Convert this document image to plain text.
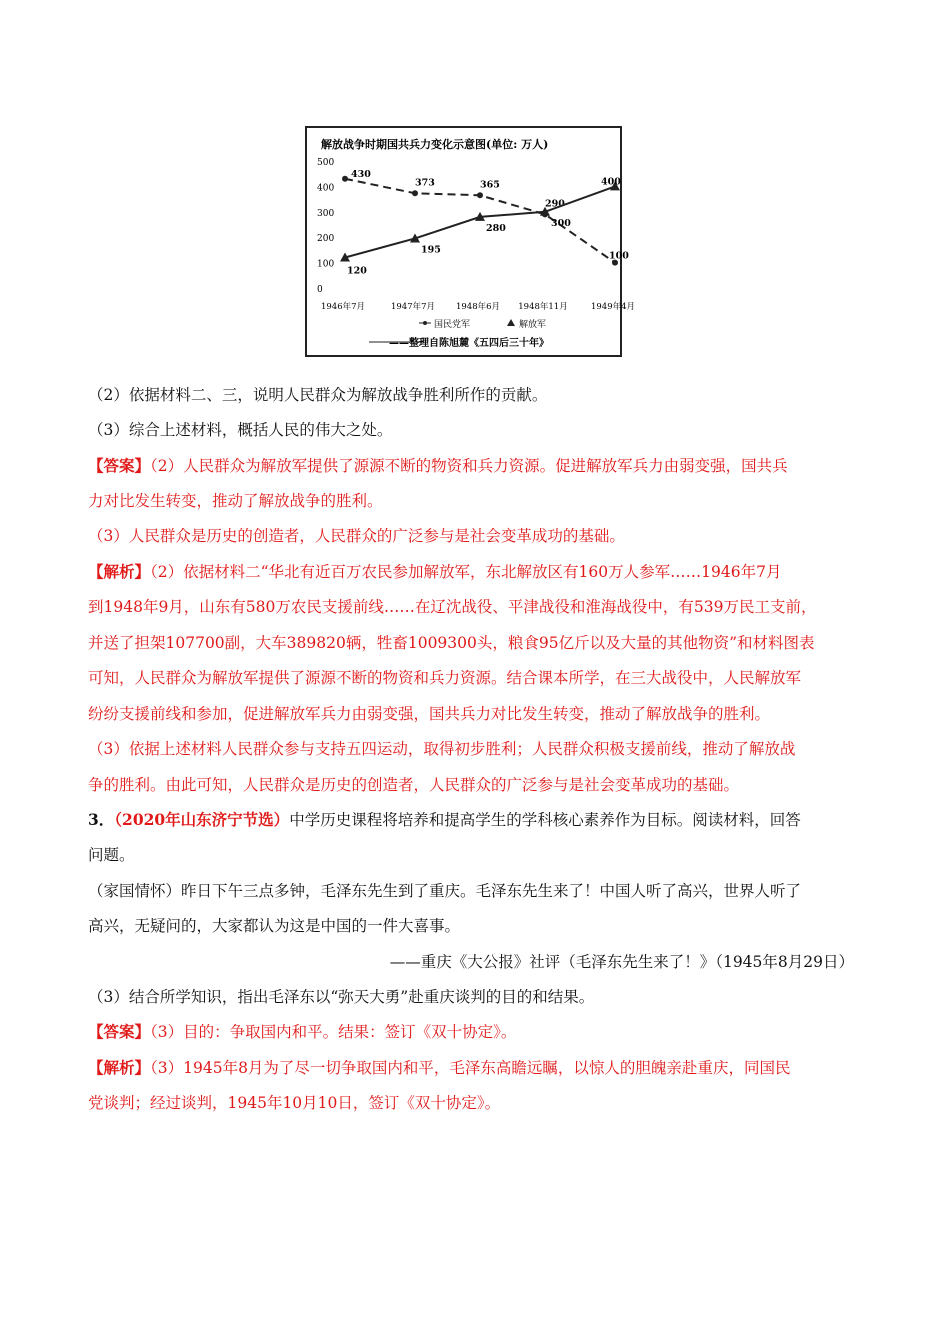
解放战争时期国共兵力变化示意图(单位: 万人)
500
400
300
200
100
0
1946年7月	1947年7月 1948年6月 1948年11月	1949年4月
430
373	365
290
100
120
195
280	300
400
国民党军	解放军
——整理自陈旭麓《五四后三十年》
（2）依据材料二、三，说明人民群众为解放战争胜利所作的贡献。
（3）综合上述材料，概括人民的伟大之处。
【答案】（2）人民群众为解放军提供了源源不断的物资和兵力资源。促进解放军兵力由弱变强，国共兵
力对比发生转变，推动了解放战争的胜利。
（3）人民群众是历史的创造者，人民群众的广泛参与是社会变革成功的基础。
【解析】（2）依据材料二“华北有近百万农民参加解放军，东北解放区有160万人参军……1946年7月
到1948年9月，山东有580万农民支援前线……在辽沈战役、平津战役和淮海战役中，有539万民工支前，
并送了担架107700副，大车389820辆，牲畜1009300头，粮食95亿斤以及大量的其他物资”和材料图表
可知，人民群众为解放军提供了源源不断的物资和兵力资源。结合课本所学，在三大战役中，人民解放军
纷纷支援前线和参加，促进解放军兵力由弱变强，国共兵力对比发生转变，推动了解放战争的胜利。
（3）依据上述材料人民群众参与支持五四运动，取得初步胜利；人民群众积极支援前线，推动了解放战
争的胜利。由此可知，人民群众是历史的创造者，人民群众的广泛参与是社会变革成功的基础。
3．（2020年山东济宁节选）中学历史课程将培养和提高学生的学科核心素养作为目标。阅读材料，回答
问题。
（家国情怀）昨日下午三点多钟，毛泽东先生到了重庆。毛泽东先生来了！中国人听了高兴，世界人听了
高兴，无疑问的，大家都认为这是中国的一件大喜事。
——重庆《大公报》社评（毛泽东先生来了！》（1945年8月29日）
（3）结合所学知识，指出毛泽东以“弥天大勇”赴重庆谈判的目的和结果。
【答案】（3）目的：争取国内和平。结果：签订《双十协定》。
【解析】（3）1945年8月为了尽一切争取国内和平，毛泽东高瞻远瞩，以惊人的胆魄亲赴重庆，同国民
党谈判；经过谈判，1945年10月10日，签订《双十协定》。
